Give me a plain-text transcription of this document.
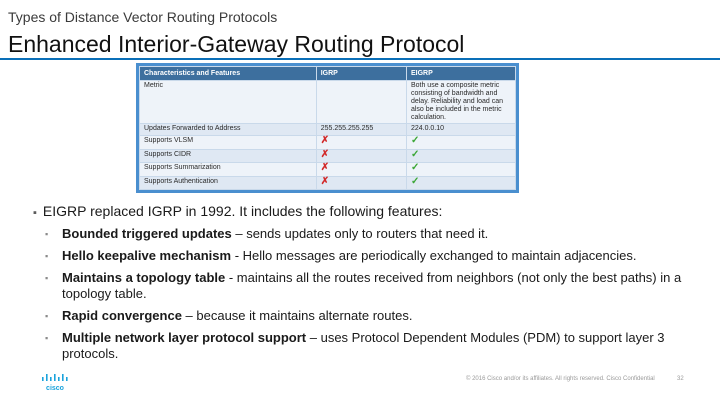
Types of Distance Vector Routing Protocols
Enhanced Interior-Gateway Routing Protocol
Characteristics and Features	IGRP	EIGRP
Metric		Both use a composite metric consisting of bandwidth and delay. Reliability and load can also be included in the metric calculation.
Updates Forwarded to Address	255.255.255.255	224.0.0.10
Supports VLSM	✗	✓
Supports CIDR	✗	✓
Supports Summarization	✗	✓
Supports Authentication	✗	✓
▪ EIGRP replaced IGRP in 1992. It includes the following features:
▪ Bounded triggered updates – sends updates only to routers that need it.
▪ Hello keepalive mechanism - Hello messages are periodically exchanged to maintain adjacencies.
▪ Maintains a topology table - maintains all the routes received from neighbors (not only the best paths) in a topology table.
▪ Rapid convergence – because it maintains alternate routes.
▪ Multiple network layer protocol support – uses Protocol Dependent Modules (PDM) to support layer 3 protocols.
cisco
© 2016 Cisco and/or its affiliates. All rights reserved. Cisco Confidential	32
